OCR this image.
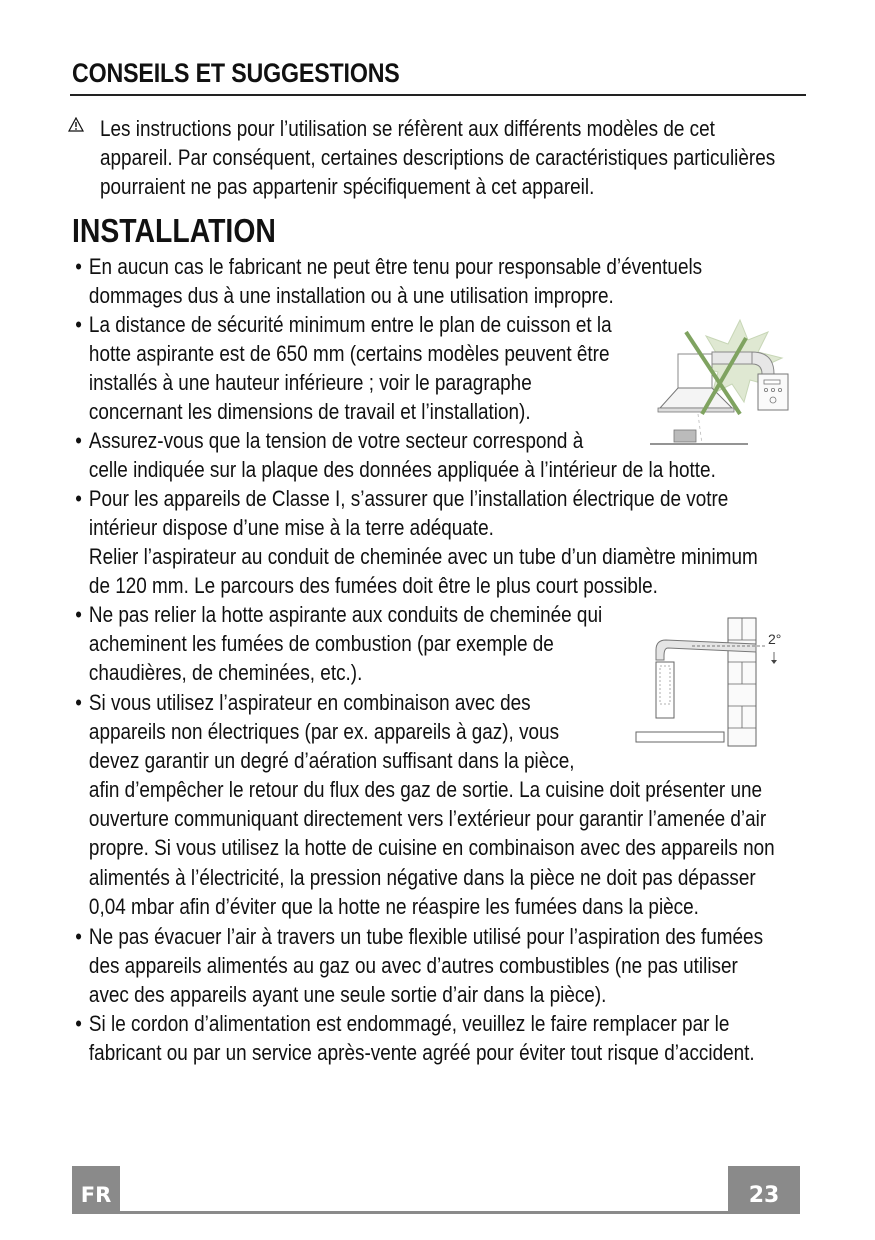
CONSEILS ET SUGGESTIONS
Les instructions pour l’utilisation se réfèrent aux différents modèles de cet
appareil. Par conséquent, certaines descriptions de caractéristiques particulières
pourraient ne pas appartenir spécifiquement à cet appareil.
INSTALLATION
• En aucun cas le fabricant ne peut être tenu pour responsable d’éventuels
dommages dus à une installation ou à une utilisation impropre.
• La distance de sécurité minimum entre le plan de cuisson et la
hotte aspirante est de 650 mm (certains modèles peuvent être
installés à une hauteur inférieure ; voir le paragraphe
concernant les dimensions de travail et l’installation).
• Assurez-vous que la tension de votre secteur correspond à
celle indiquée sur la plaque des données appliquée à l’intérieur de la hotte.
• Pour les appareils de Classe I, s’assurer que l’installation électrique de votre
intérieur dispose d’une mise à la terre adéquate.
Relier l’aspirateur au conduit de cheminée avec un tube d’un diamètre minimum
de 120 mm. Le parcours des fumées doit être le plus court possible.
• Ne pas relier la hotte aspirante aux conduits de cheminée qui
acheminent les fumées de combustion (par exemple de
chaudières, de cheminées, etc.).
• Si vous utilisez l’aspirateur en combinaison avec des
appareils non électriques (par ex. appareils à gaz), vous
devez garantir un degré d’aération suffisant dans la pièce,
afin d’empêcher le retour du flux des gaz de sortie. La cuisine doit présenter une
ouverture communiquant directement vers l’extérieur pour garantir l’amenée d’air
propre. Si vous utilisez la hotte de cuisine en combinaison avec des appareils non
alimentés à l’électricité, la pression négative dans la pièce ne doit pas dépasser
0,04 mbar afin d’éviter que la hotte ne réaspire les fumées dans la pièce.
• Ne pas évacuer l’air à travers un tube flexible utilisé pour l’aspiration des fumées
des appareils alimentés au gaz ou avec d’autres combustibles (ne pas utiliser
avec des appareils ayant une seule sortie d’air dans la pièce).
• Si le cordon d’alimentation est endommagé, veuillez le faire remplacer par le
fabricant ou par un service après-vente agréé pour éviter tout risque d’accident.
2°
FR	23
